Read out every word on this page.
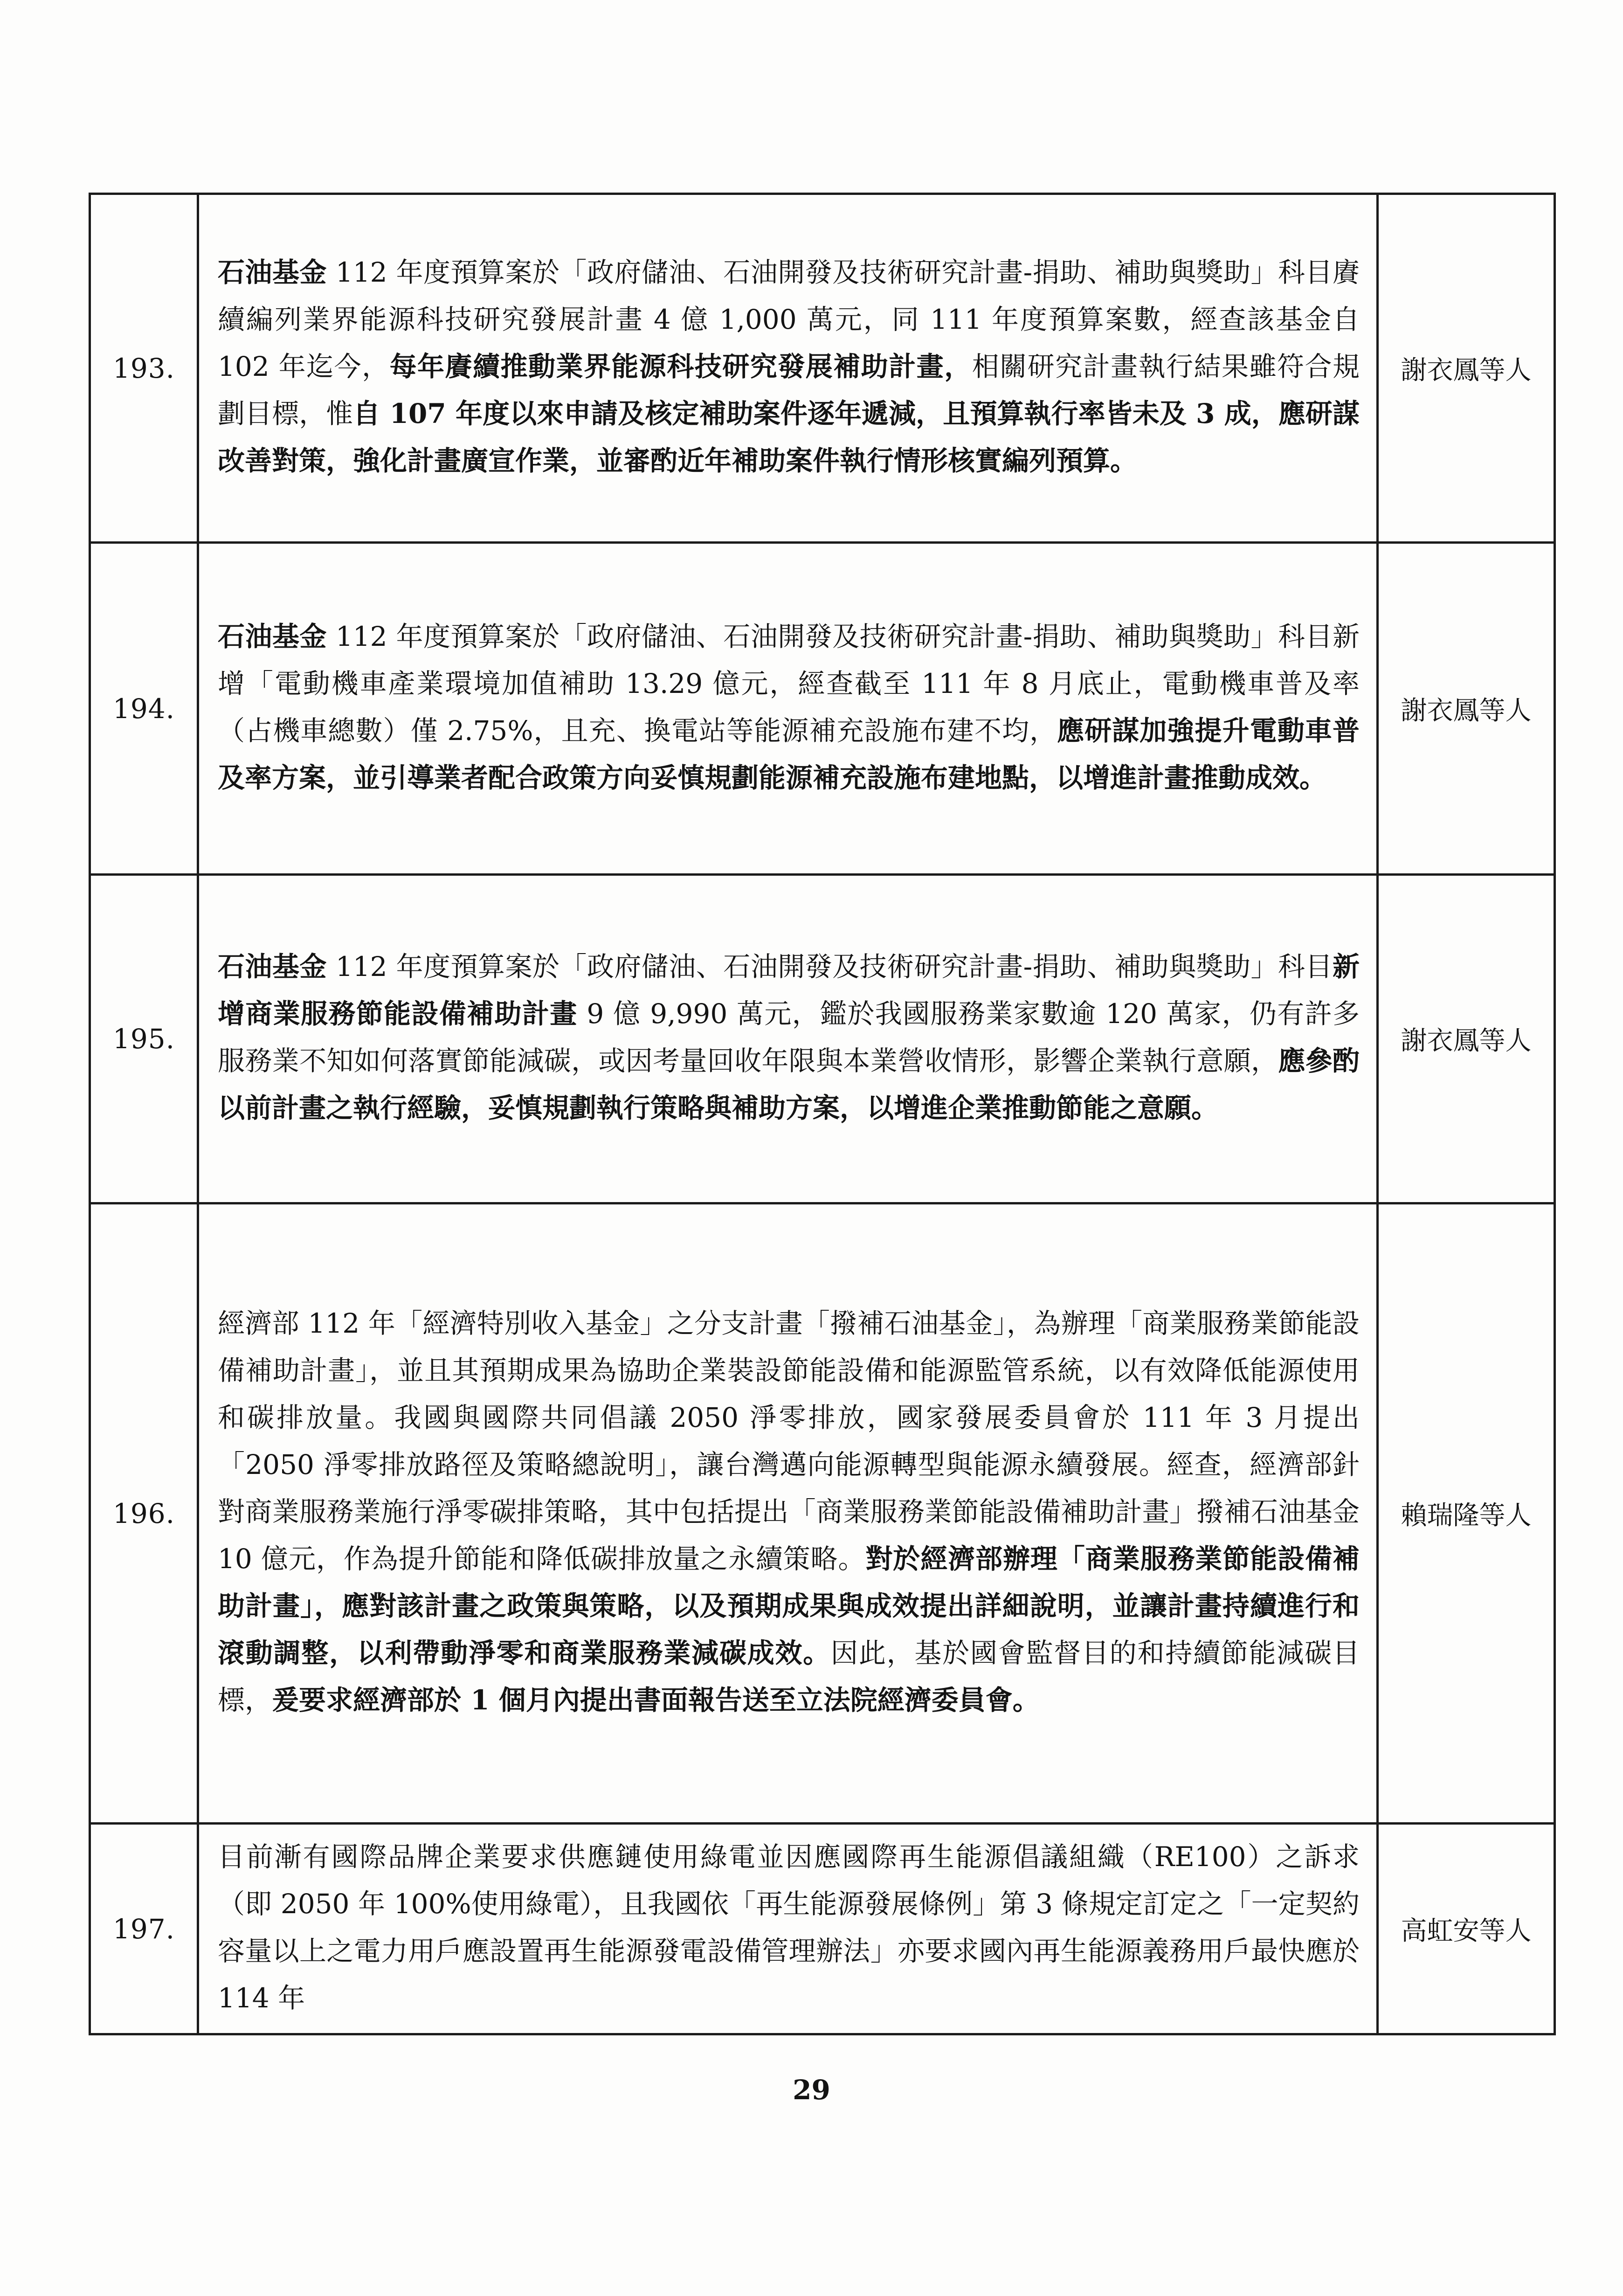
193.	石油基金 112 年度預算案於「政府儲油、石油開發及技術研究計畫-捐助、補助與獎助」科目賡續編列業界能源科技研究發展計畫 4 億 1,000 萬元，同 111 年度預算案數，經查該基金自 102 年迄今，每年賡續推動業界能源科技研究發展補助計畫，相關研究計畫執行結果雖符合規劃目標，惟自 107 年度以來申請及核定補助案件逐年遞減，且預算執行率皆未及 3 成，應研謀改善對策，強化計畫廣宣作業，並審酌近年補助案件執行情形核實編列預算。	謝衣鳳等人
194.	石油基金 112 年度預算案於「政府儲油、石油開發及技術研究計畫-捐助、補助與獎助」科目新增「電動機車產業環境加值補助 13.29 億元，經查截至 111 年 8 月底止，電動機車普及率（占機車總數）僅 2.75%，且充、換電站等能源補充設施布建不均，應研謀加強提升電動車普及率方案，並引導業者配合政策方向妥慎規劃能源補充設施布建地點，以增進計畫推動成效。	謝衣鳳等人
195.	石油基金 112 年度預算案於「政府儲油、石油開發及技術研究計畫-捐助、補助與獎助」科目新增商業服務節能設備補助計畫 9 億 9,990 萬元，鑑於我國服務業家數逾 120 萬家，仍有許多服務業不知如何落實節能減碳，或因考量回收年限與本業營收情形，影響企業執行意願，應參酌以前計畫之執行經驗，妥慎規劃執行策略與補助方案，以增進企業推動節能之意願。	謝衣鳳等人
196.	經濟部 112 年「經濟特別收入基金」之分支計畫「撥補石油基金」，為辦理「商業服務業節能設備補助計畫」，並且其預期成果為協助企業裝設節能設備和能源監管系統，以有效降低能源使用和碳排放量。我國與國際共同倡議 2050 淨零排放，國家發展委員會於 111 年 3 月提出「2050 淨零排放路徑及策略總說明」，讓台灣邁向能源轉型與能源永續發展。經查，經濟部針對商業服務業施行淨零碳排策略，其中包括提出「商業服務業節能設備補助計畫」撥補石油基金 10 億元，作為提升節能和降低碳排放量之永續策略。對於經濟部辦理「商業服務業節能設備補助計畫」，應對該計畫之政策與策略，以及預期成果與成效提出詳細說明，並讓計畫持續進行和滾動調整，以利帶動淨零和商業服務業減碳成效。因此，基於國會監督目的和持續節能減碳目標，爰要求經濟部於 1 個月內提出書面報告送至立法院經濟委員會。	賴瑞隆等人
197.	目前漸有國際品牌企業要求供應鏈使用綠電並因應國際再生能源倡議組織（RE100）之訴求（即 2050 年 100%使用綠電），且我國依「再生能源發展條例」第 3 條規定訂定之「一定契約容量以上之電力用戶應設置再生能源發電設備管理辦法」亦要求國內再生能源義務用戶最快應於 114 年	高虹安等人
29
